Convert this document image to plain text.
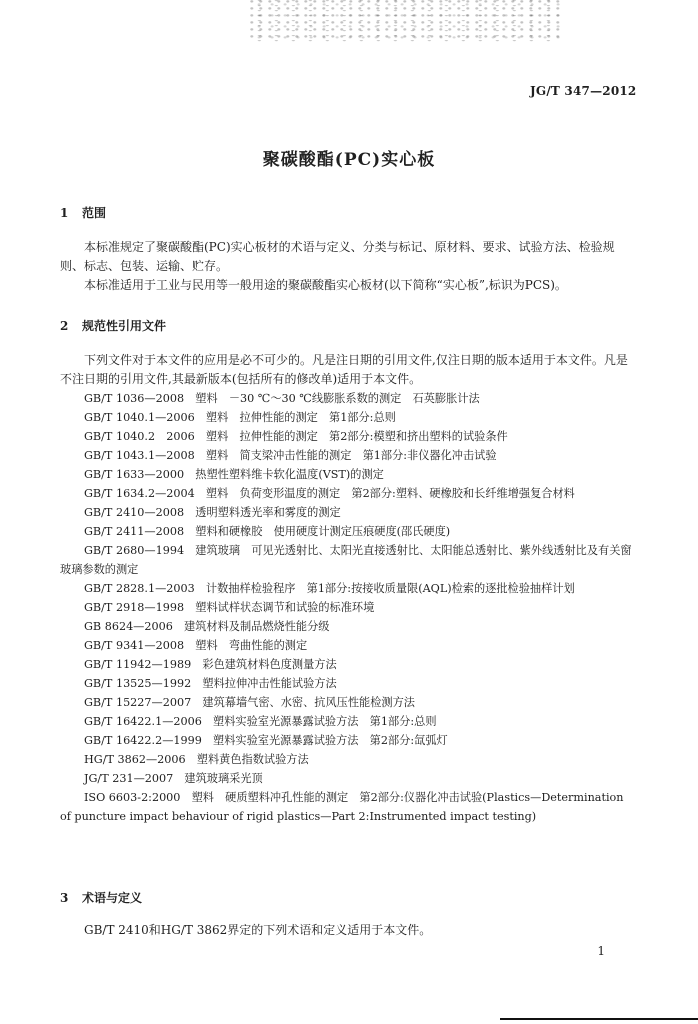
JG/T 347—2012
聚碳酸酯(PC)实心板
1 范围
本标准规定了聚碳酸酯(PC)实心板材的术语与定义、分类与标记、原材料、要求、试验方法、检验规则、标志、包装、运输、贮存。
本标准适用于工业与民用等一般用途的聚碳酸酯实心板材(以下简称“实心板”,标识为PCS)。
2 规范性引用文件
下列文件对于本文件的应用是必不可少的。凡是注日期的引用文件,仅注日期的版本适用于本文件。凡是不注日期的引用文件,其最新版本(包括所有的修改单)适用于本文件。
GB/T 1036—2008　塑料　－30 ℃～30 ℃线膨胀系数的测定　石英膨胀计法
GB/T 1040.1—2006　塑料　拉伸性能的测定　第1部分:总则
GB/T 1040.2　2006　塑料　拉伸性能的测定　第2部分:模塑和挤出塑料的试验条件
GB/T 1043.1—2008　塑料　简支梁冲击性能的测定　第1部分:非仪器化冲击试验
GB/T 1633—2000　热塑性塑料维卡软化温度(VST)的测定
GB/T 1634.2—2004　塑料　负荷变形温度的测定　第2部分:塑料、硬橡胶和长纤维增强复合材料
GB/T 2410—2008　透明塑料透光率和雾度的测定
GB/T 2411—2008　塑料和硬橡胶　使用硬度计测定压痕硬度(邵氏硬度)
GB/T 2680—1994　建筑玻璃　可见光透射比、太阳光直接透射比、太阳能总透射比、紫外线透射比及有关窗玻璃参数的测定
GB/T 2828.1—2003　计数抽样检验程序　第1部分:按接收质量限(AQL)检索的逐批检验抽样计划
GB/T 2918—1998　塑料试样状态调节和试验的标准环境
GB 8624—2006　建筑材料及制品燃烧性能分级
GB/T 9341—2008　塑料　弯曲性能的测定
GB/T 11942—1989　彩色建筑材料色度测量方法
GB/T 13525—1992　塑料拉伸冲击性能试验方法
GB/T 15227—2007　建筑幕墙气密、水密、抗风压性能检测方法
GB/T 16422.1—2006　塑料实验室光源暴露试验方法　第1部分:总则
GB/T 16422.2—1999　塑料实验室光源暴露试验方法　第2部分:氙弧灯
HG/T 3862—2006　塑料黄色指数试验方法
JG/T 231—2007　建筑玻璃采光顶
ISO 6603-2:2000　塑料　硬质塑料冲孔性能的测定　第2部分:仪器化冲击试验(Plastics—Determination of puncture impact behaviour of rigid plastics—Part 2:Instrumented impact testing)
3 术语与定义
GB/T 2410和HG/T 3862界定的下列术语和定义适用于本文件。
1
